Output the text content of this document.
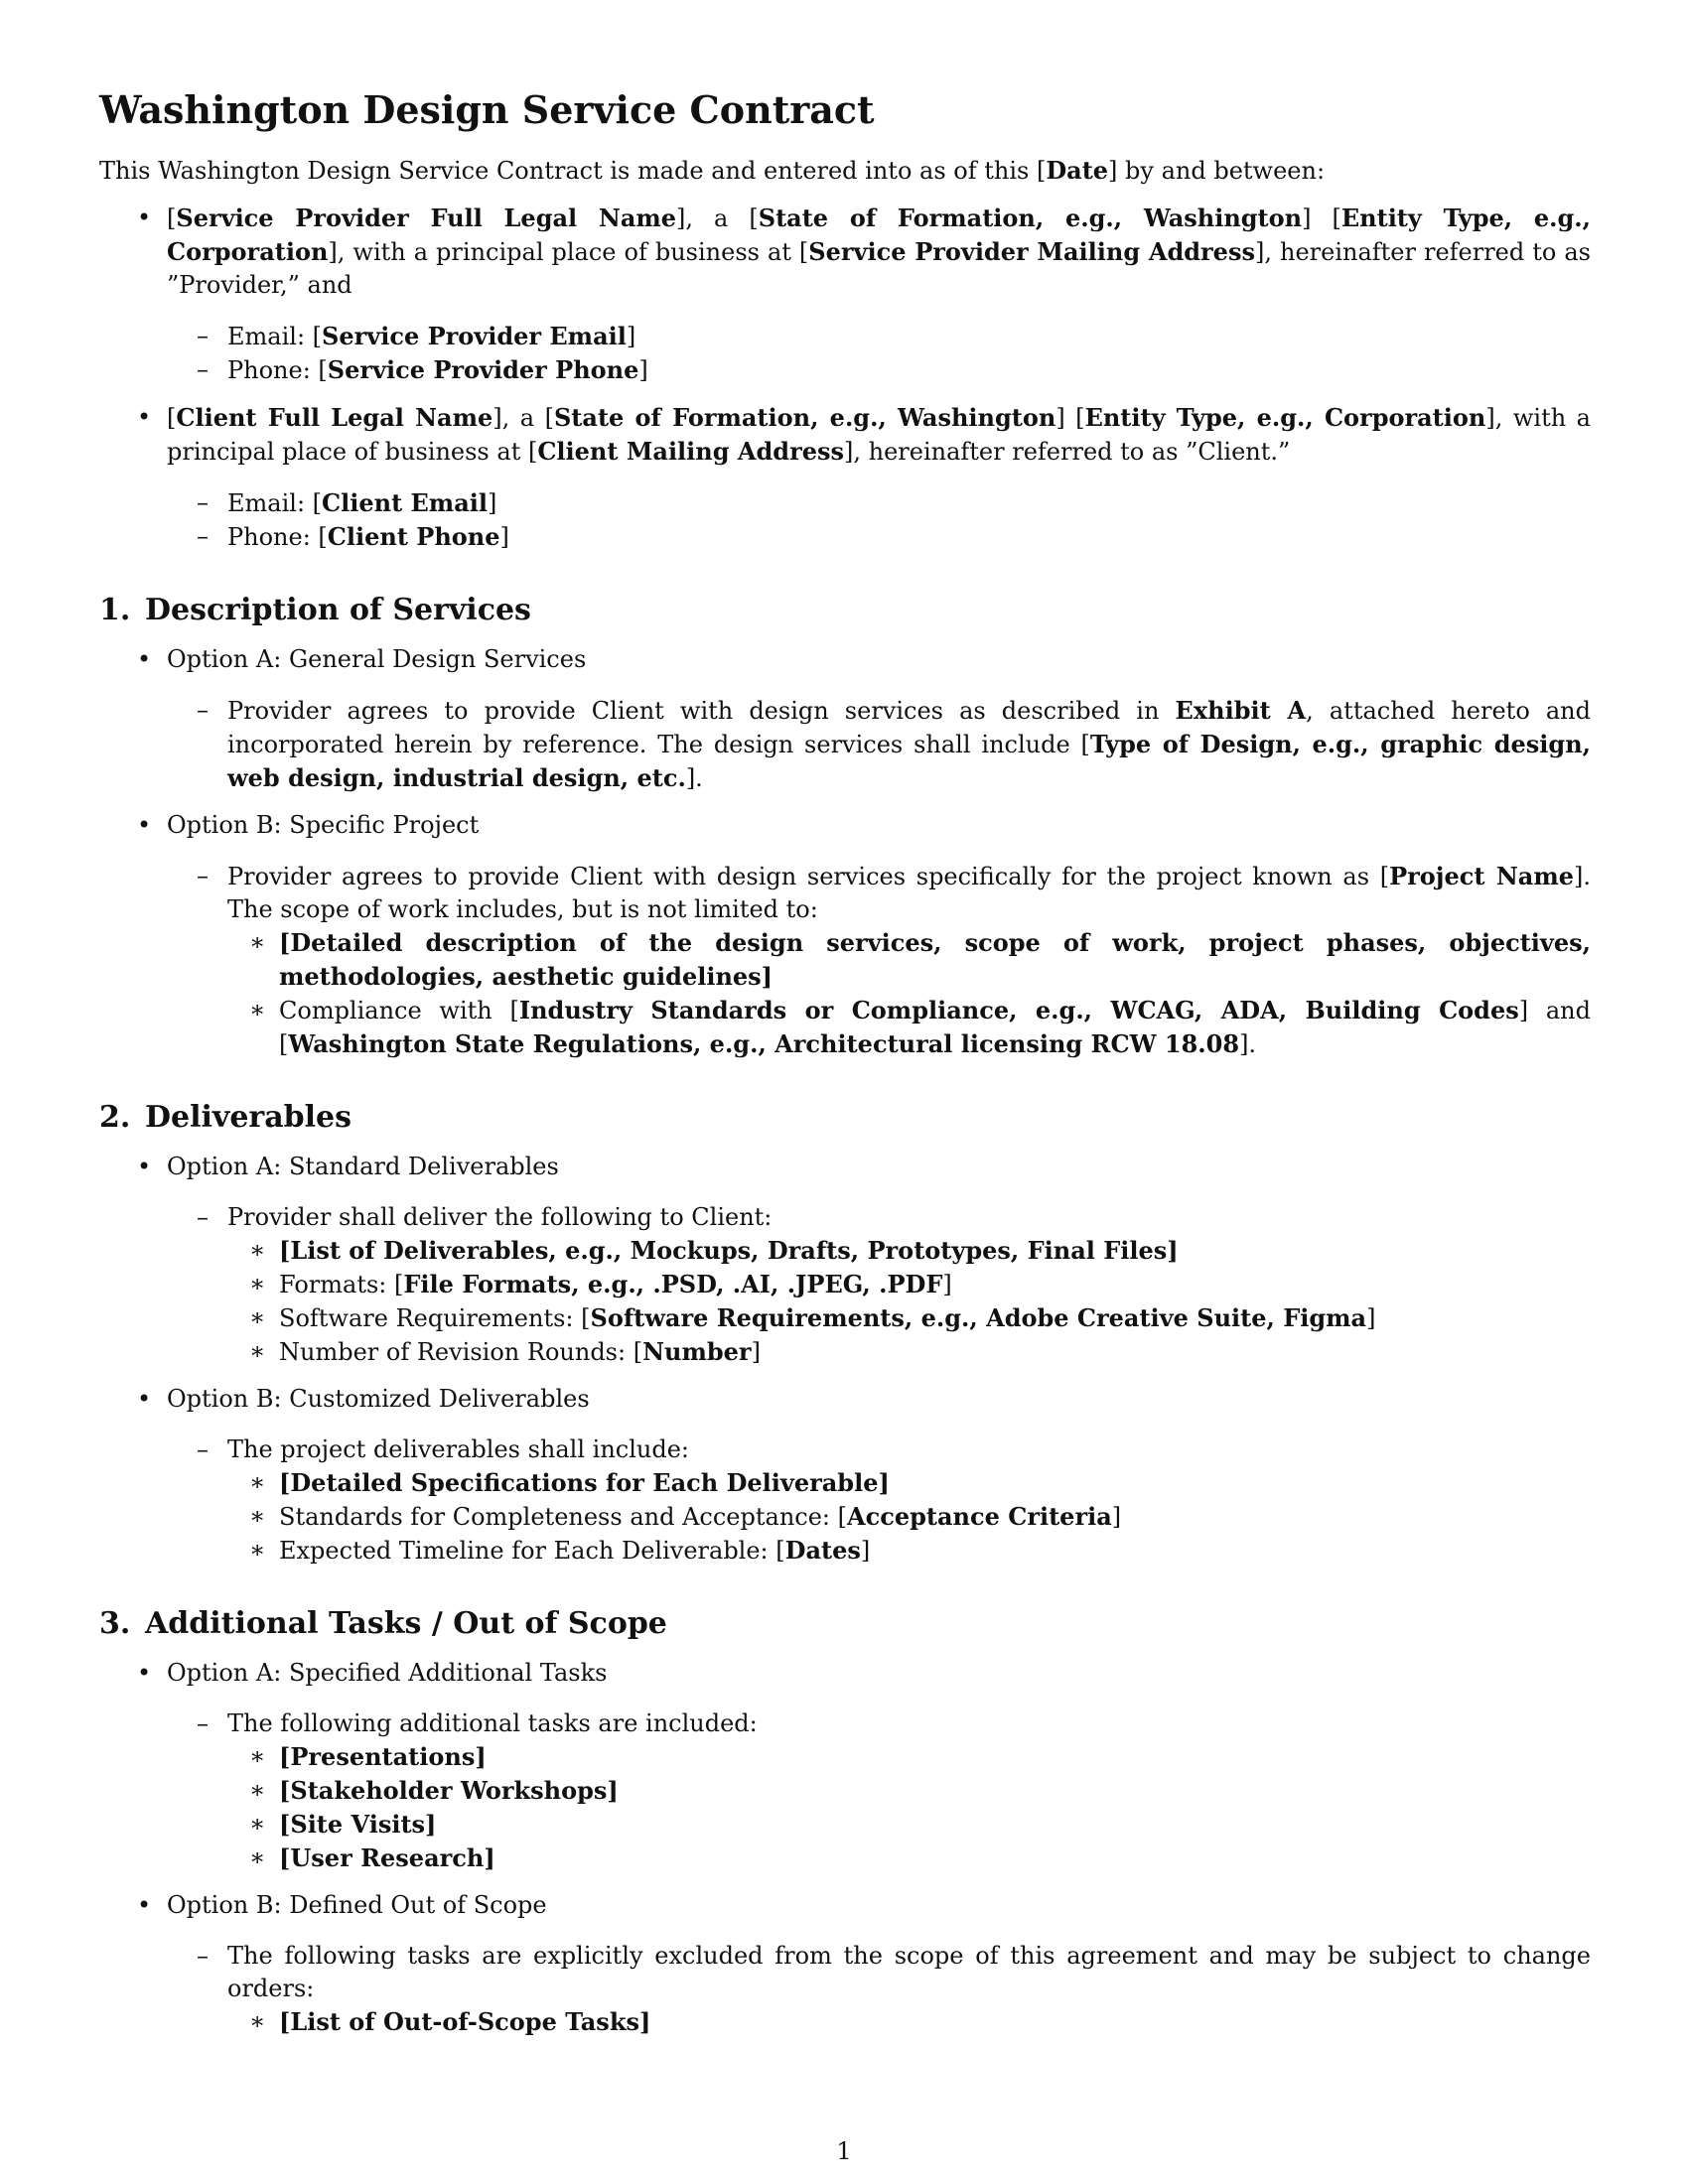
Washington Design Service Contract

This Washington Design Service Contract is made and entered into as of this [Date] by and between:

• [Service Provider Full Legal Name], a [State of Formation, e.g., Washington] [Entity Type, e.g., Corporation], with a principal place of business at [Service Provider Mailing Address], hereinafter referred to as ”Provider,” and
– Email: [Service Provider Email]
– Phone: [Service Provider Phone]
• [Client Full Legal Name], a [State of Formation, e.g., Washington] [Entity Type, e.g., Corporation], with a principal place of business at [Client Mailing Address], hereinafter referred to as ”Client.”
– Email: [Client Email]
– Phone: [Client Phone]
1. Description of Services
• Option A: General Design Services
– Provider agrees to provide Client with design services as described in Exhibit A, attached hereto and incorporated herein by reference. The design services shall include [Type of Design, e.g., graphic design, web design, industrial design, etc.].
• Option B: Specific Project
– Provider agrees to provide Client with design services specifically for the project known as [Project Name]. The scope of work includes, but is not limited to:
∗ [Detailed description of the design services, scope of work, project phases, objectives, methodologies, aesthetic guidelines]
∗ Compliance with [Industry Standards or Compliance, e.g., WCAG, ADA, Building Codes] and [Washington State Regulations, e.g., Architectural licensing RCW 18.08].
2. Deliverables
• Option A: Standard Deliverables
– Provider shall deliver the following to Client:
∗ [List of Deliverables, e.g., Mockups, Drafts, Prototypes, Final Files]
∗ Formats: [File Formats, e.g., .PSD, .AI, .JPEG, .PDF]
∗ Software Requirements: [Software Requirements, e.g., Adobe Creative Suite, Figma]
∗ Number of Revision Rounds: [Number]
• Option B: Customized Deliverables
– The project deliverables shall include:
∗ [Detailed Specifications for Each Deliverable]
∗ Standards for Completeness and Acceptance: [Acceptance Criteria]
∗ Expected Timeline for Each Deliverable: [Dates]
3. Additional Tasks / Out of Scope
• Option A: Specified Additional Tasks
– The following additional tasks are included:
∗ [Presentations]
∗ [Stakeholder Workshops]
∗ [Site Visits]
∗ [User Research]
• Option B: Defined Out of Scope
– The following tasks are explicitly excluded from the scope of this agreement and may be subject to change orders:
∗ [List of Out-of-Scope Tasks]
1
